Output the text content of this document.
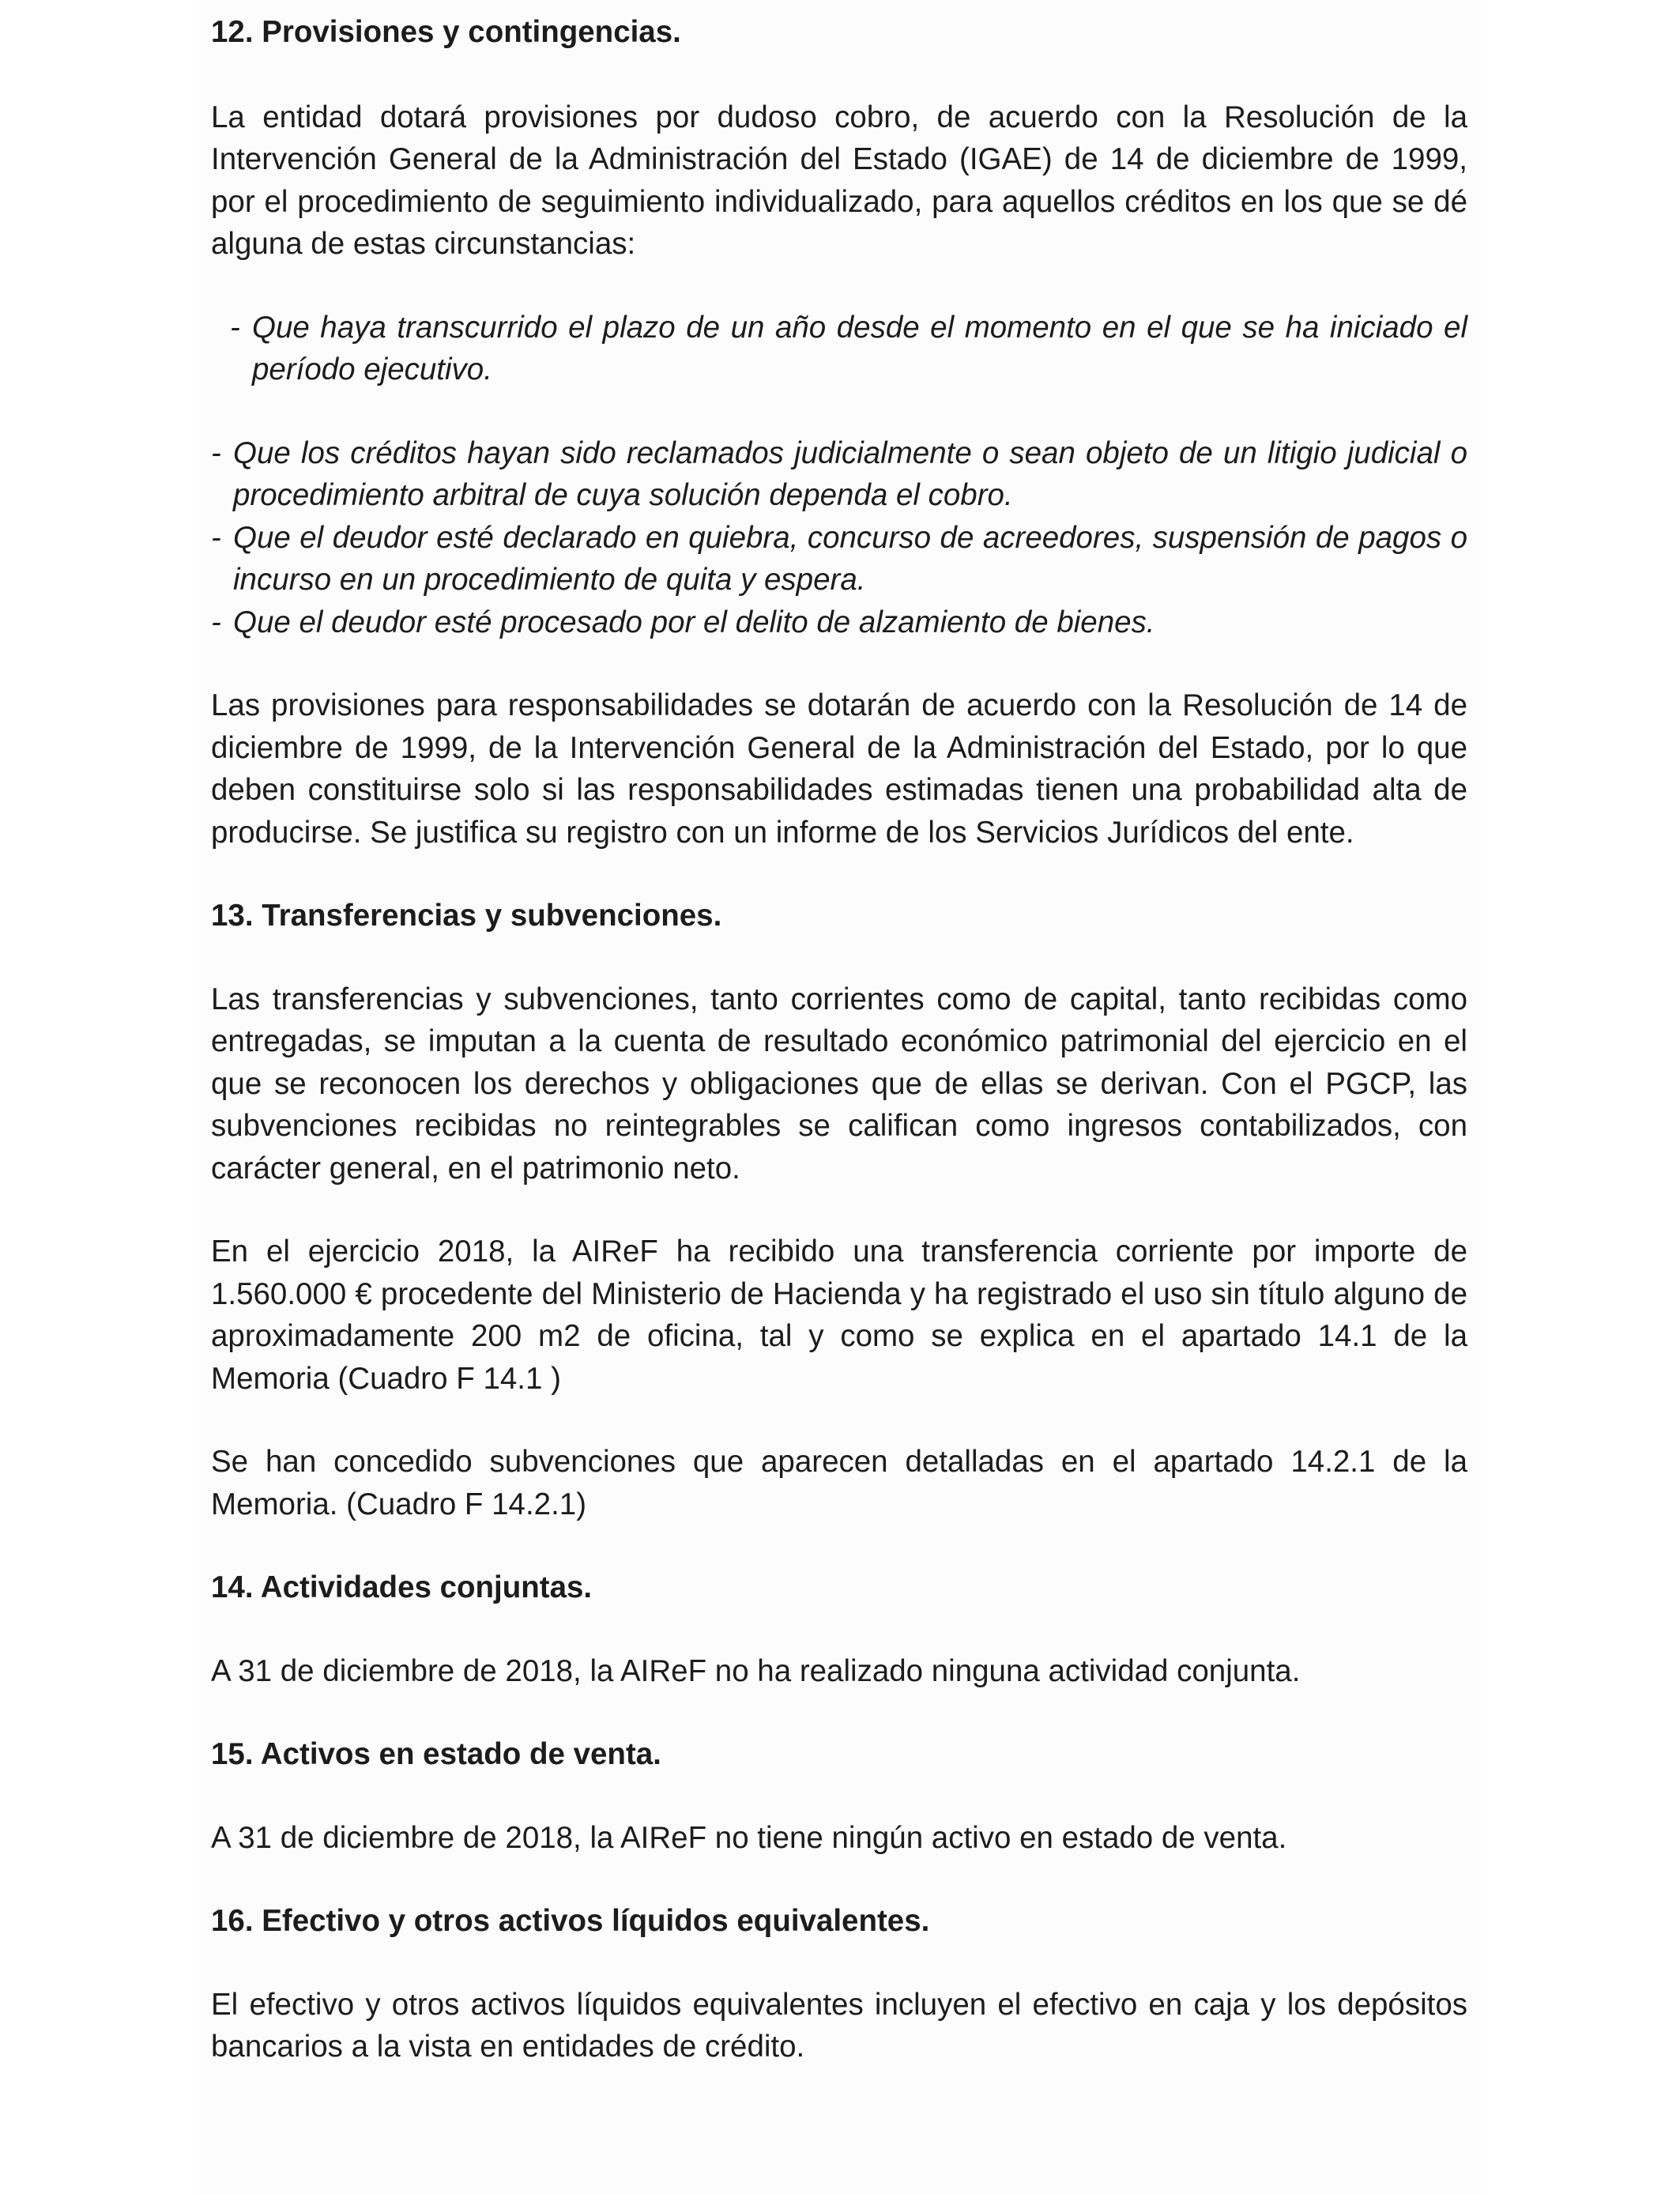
12. Provisiones y contingencias.

La entidad dotará provisiones por dudoso cobro, de acuerdo con la Resolución de la Intervención General de la Administración del Estado (IGAE) de 14 de diciembre de 1999, por el procedimiento de seguimiento individualizado, para aquellos créditos en los que se dé alguna de estas circunstancias:

- Que haya transcurrido el plazo de un año desde el momento en el que se ha iniciado el período ejecutivo.
- Que los créditos hayan sido reclamados judicialmente o sean objeto de un litigio judicial o procedimiento arbitral de cuya solución dependa el cobro.
- Que el deudor esté declarado en quiebra, concurso de acreedores, suspensión de pagos o incurso en un procedimiento de quita y espera.
- Que el deudor esté procesado por el delito de alzamiento de bienes.

Las provisiones para responsabilidades se dotarán de acuerdo con la Resolución de 14 de diciembre de 1999, de la Intervención General de la Administración del Estado, por lo que deben constituirse solo si las responsabilidades estimadas tienen una probabilidad alta de producirse. Se justifica su registro con un informe de los Servicios Jurídicos del ente.

13. Transferencias y subvenciones.

Las transferencias y subvenciones, tanto corrientes como de capital, tanto recibidas como entregadas, se imputan a la cuenta de resultado económico patrimonial del ejercicio en el que se reconocen los derechos y obligaciones que de ellas se derivan. Con el PGCP, las subvenciones recibidas no reintegrables se califican como ingresos contabilizados, con carácter general, en el patrimonio neto.

En el ejercicio 2018, la AIReF ha recibido una transferencia corriente por importe de 1.560.000 € procedente del Ministerio de Hacienda y ha registrado el uso sin título alguno de aproximadamente 200 m2 de oficina, tal y como se explica en el apartado 14.1 de la Memoria (Cuadro F 14.1 )

Se han concedido subvenciones que aparecen detalladas en el apartado 14.2.1 de la Memoria. (Cuadro F 14.2.1)

14. Actividades conjuntas.

A 31 de diciembre de 2018, la AIReF no ha realizado ninguna actividad conjunta.

15. Activos en estado de venta.

A 31 de diciembre de 2018, la AIReF no tiene ningún activo en estado de venta.

16. Efectivo y otros activos líquidos equivalentes.

El efectivo y otros activos líquidos equivalentes incluyen el efectivo en caja y los depósitos bancarios a la vista en entidades de crédito.
